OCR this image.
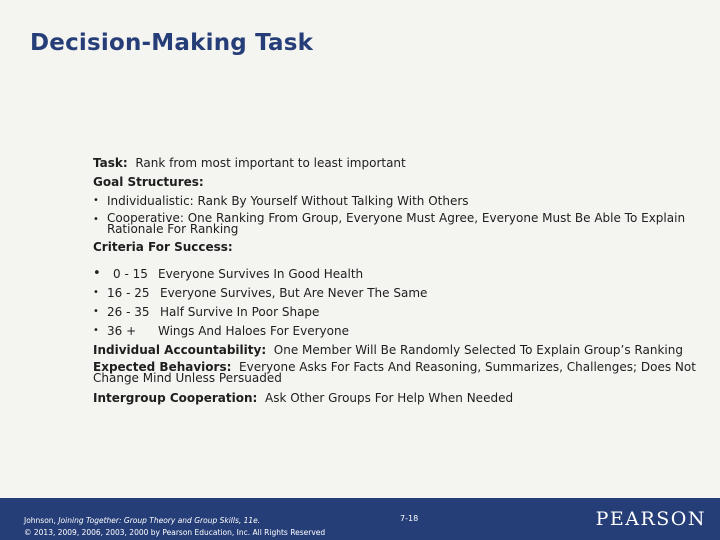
Decision-Making Task

Task: Rank from most important to least important

Goal Structures:

• Individualistic: Rank By Yourself Without Talking With Others
• Cooperative: One Ranking From Group, Everyone Must Agree, Everyone Must Be Able To Explain Rationale For Ranking

Criteria For Success:

•	0 - 15 Everyone Survives In Good Health
• 16 - 25 Everyone Survives, But Are Never The Same
• 26 - 35 Half Survive In Poor Shape
• 36 +	Wings And Haloes For Everyone

Individual Accountability: One Member Will Be Randomly Selected To Explain Group’s Ranking

Expected Behaviors: Everyone Asks For Facts And Reasoning, Summarizes, Challenges; Does Not Change Mind Unless Persuaded

Intergroup Cooperation: Ask Other Groups For Help When Needed

Johnson, Joining Together: Group Theory and Group Skills, 11e.
© 2013, 2009, 2006, 2003, 2000 by Pearson Education, Inc. All Rights Reserved
7-18	PEARSON
